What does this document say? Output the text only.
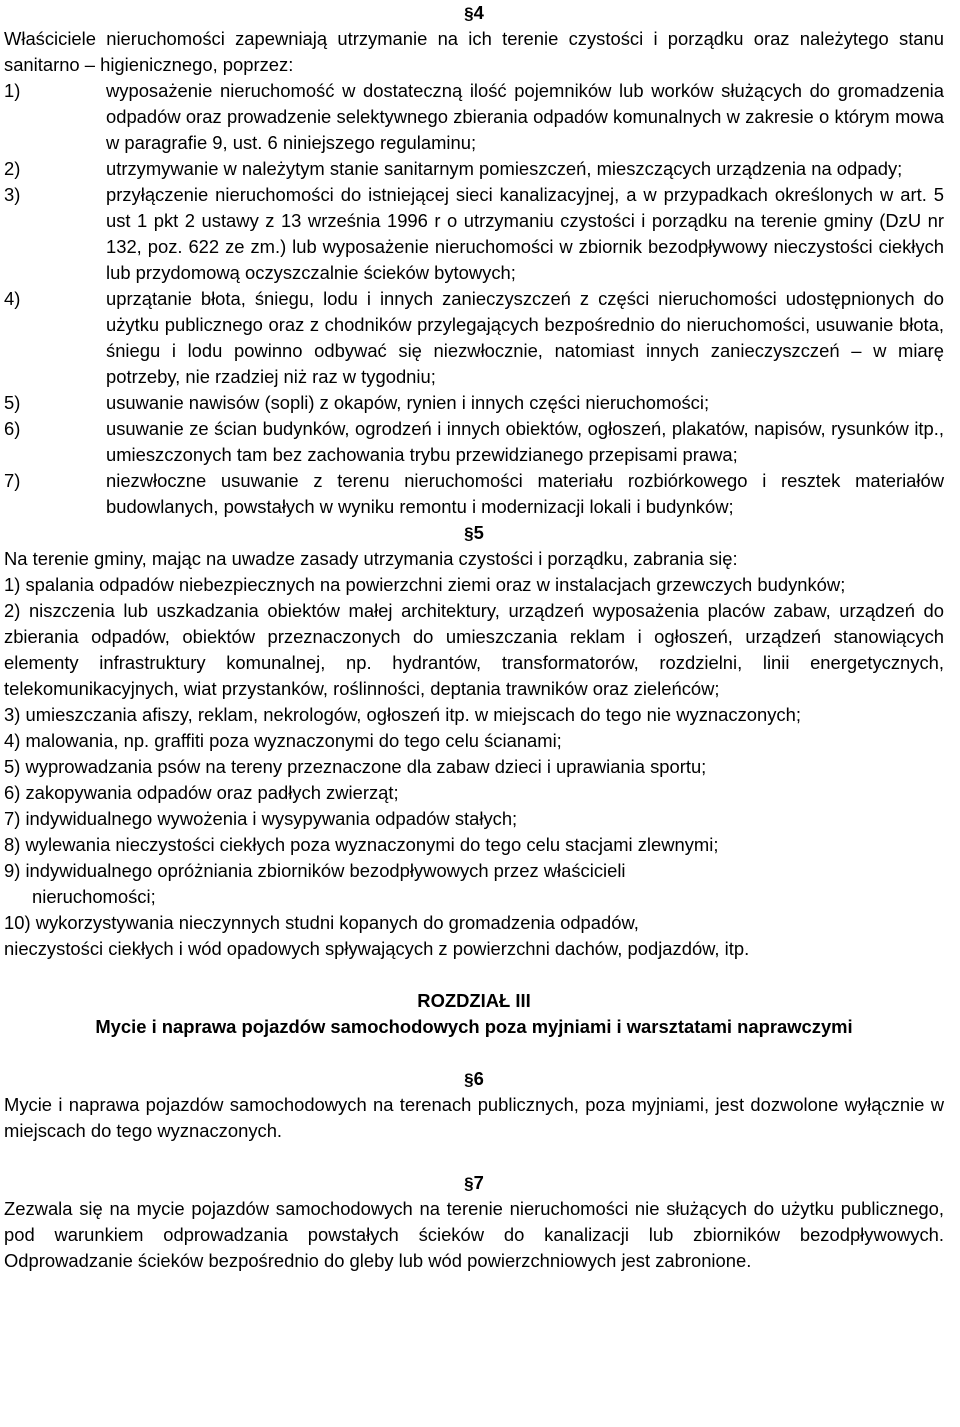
§4

Właściciele nieruchomości zapewniają utrzymanie na ich terenie czystości i porządku oraz należytego stanu sanitarno – higienicznego, poprzez:

1)	wyposażenie nieruchomość w dostateczną ilość pojemników lub worków służących do gromadzenia odpadów oraz prowadzenie selektywnego zbierania odpadów komunalnych w zakresie o którym mowa w paragrafie 9, ust. 6 niniejszego regulaminu;
2)	utrzymywanie w należytym stanie sanitarnym pomieszczeń, mieszczących urządzenia na odpady;
3)	przyłączenie nieruchomości do istniejącej sieci kanalizacyjnej, a w przypadkach określonych w art. 5 ust 1 pkt 2 ustawy z 13 września 1996 r o utrzymaniu czystości i porządku na terenie gminy (DzU nr 132, poz. 622 ze zm.) lub wyposażenie nieruchomości w zbiornik bezodpływowy nieczystości ciekłych lub przydomową oczyszczalnie ścieków bytowych;
4)	uprzątanie błota, śniegu, lodu i innych zanieczyszczeń z części nieruchomości udostępnionych do użytku publicznego oraz z chodników przylegających bezpośrednio do nieruchomości, usuwanie błota, śniegu i lodu powinno odbywać się niezwłocznie, natomiast innych zanieczyszczeń – w miarę potrzeby, nie rzadziej niż raz w tygodniu;
5)	usuwanie nawisów (sopli) z okapów, rynien i innych części nieruchomości;
6)	usuwanie ze ścian budynków, ogrodzeń i innych obiektów, ogłoszeń, plakatów, napisów, rysunków itp., umieszczonych tam bez zachowania trybu przewidzianego przepisami prawa;
7)	niezwłoczne usuwanie z terenu nieruchomości materiału rozbiórkowego i resztek materiałów budowlanych, powstałych w wyniku remontu i modernizacji lokali i budynków;
§5

Na terenie gminy, mając na uwadze zasady utrzymania czystości i porządku, zabrania się:

1) spalania odpadów niebezpiecznych na powierzchni ziemi oraz w instalacjach grzewczych budynków;

2) niszczenia lub uszkadzania obiektów małej architektury, urządzeń wyposażenia placów zabaw, urządzeń do zbierania odpadów, obiektów przeznaczonych do umieszczania reklam i ogłoszeń, urządzeń stanowiących elementy infrastruktury komunalnej, np. hydrantów, transformatorów, rozdzielni, linii energetycznych, telekomunikacyjnych, wiat przystanków, roślinności, deptania trawników oraz zieleńców;

3) umieszczania afiszy, reklam, nekrologów, ogłoszeń itp. w miejscach do tego nie wyznaczonych;

4) malowania, np. graffiti poza wyznaczonymi do tego celu ścianami;

5) wyprowadzania psów na tereny przeznaczone dla zabaw dzieci i uprawiania sportu;

6) zakopywania odpadów oraz padłych zwierząt;

7) indywidualnego wywożenia i wysypywania odpadów stałych;

8) wylewania nieczystości ciekłych poza wyznaczonymi do tego celu stacjami zlewnymi;

9) indywidualnego opróżniania zbiorników bezodpływowych przez właścicieli

nieruchomości;

10) wykorzystywania nieczynnych studni kopanych do gromadzenia odpadów,

nieczystości ciekłych i wód opadowych spływających z powierzchni dachów, podjazdów, itp.

ROZDZIAŁ III

Mycie i naprawa pojazdów samochodowych poza myjniami i warsztatami naprawczymi

§6

Mycie i naprawa pojazdów samochodowych na terenach publicznych, poza myjniami, jest dozwolone wyłącznie w miejscach do tego wyznaczonych.

§7

Zezwala się na mycie pojazdów samochodowych na terenie nieruchomości nie służących do użytku publicznego, pod warunkiem odprowadzania powstałych ścieków do kanalizacji lub zbiorników bezodpływowych. Odprowadzanie ścieków bezpośrednio do gleby lub wód powierzchniowych jest zabronione.
